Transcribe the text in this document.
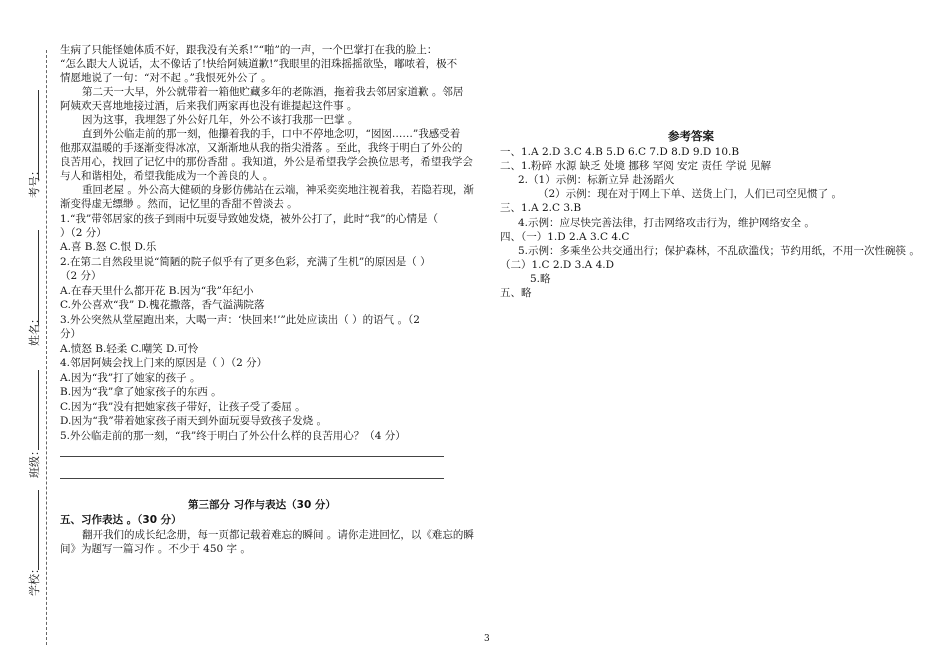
考号：
姓名：
班级：
学校：
生病了只能怪她体质不好，跟我没有关系!”“啪”的一声，一个巴掌打在我的脸上：
“怎么跟大人说话，太不像话了!快给阿姨道歉!”我眼里的泪珠摇摇欲坠，嘟哝着，极不
情愿地说了一句：“对不起 。”我恨死外公了 。
第二天一大早，外公就带着一箱他贮藏多年的老陈酒，拖着我去邻居家道歉 。邻居
阿姨欢天喜地地接过酒，后来我们两家再也没有谁提起这件事 。
因为这事，我埋怨了外公好几年，外公不该打我那一巴掌 。
直到外公临走前的那一刻，他攥着我的手，口中不停地念叨，“囡囡……”我感受着
他那双温暖的手逐渐变得冰凉，又渐渐地从我的指尖滑落 。至此，我终于明白了外公的
良苦用心，找回了记忆中的那份香甜 。我知道，外公是希望我学会换位思考，希望我学会
与人和谐相处，希望我能成为一个善良的人 。
重回老屋 。外公高大健硕的身影仿佛站在云端，神采奕奕地注视着我，若隐若现，渐
渐变得虚无缥缈 。然而，记忆里的香甜不曾淡去 。
1.“我”带邻居家的孩子到雨中玩耍导致她发烧，被外公打了，此时“我”的心情是（
）（2 分）
A.喜 B.怒 C.恨 D.乐
2.在第二自然段里说“简陋的院子似乎有了更多色彩，充满了生机”的原因是（ ）
（2 分）
A.在春天里什么都开花 B.因为“我”年纪小
C.外公喜欢“我” D.槐花撒落，香气溢满院落
3.外公突然从堂屋跑出来，大喝一声：‘快回来!’”此处应读出（ ）的语气 。（2
分）
A.愤怒 B.轻柔 C.嘲笑 D.可怜
4.邻居阿姨会找上门来的原因是（ ）（2 分）
A.因为“我”打了她家的孩子 。
B.因为“我”拿了她家孩子的东西 。
C.因为“我”没有把她家孩子带好，让孩子受了委屈 。
D.因为“我”带着她家孩子雨天到外面玩耍导致孩子发烧 。
5.外公临走前的那一刻，“我”终于明白了外公什么样的良苦用心？（4 分）
第三部分 习作与表达（30 分）
五、习作表达 。（30 分）
翻开我们的成长纪念册，每一页都记载着难忘的瞬间 。请你走进回忆，以《难忘的瞬
间》为题写一篇习作 。不少于 450 字 。
参考答案
一、1.A 2.D 3.C 4.B 5.D 6.C 7.D 8.D 9.D 10.B
二、1.粉碎 水源 缺乏 处境 挪移 罕阅 安定 责任 学说 见解
2.（1）示例：标新立异 赴汤蹈火
（2）示例：现在对于网上下单、送货上门，人们已司空见惯了 。
三、1.A 2.C 3.B
4.示例：应尽快完善法律，打击网络攻击行为，维护网络安全 。
四、（一）1.D 2.A 3.C 4.C
5.示例：多乘坐公共交通出行；保护森林，不乱砍滥伐；节约用纸，不用一次性碗筷 。
（二）1.C 2.D 3.A 4.D
5.略
五、略
3
